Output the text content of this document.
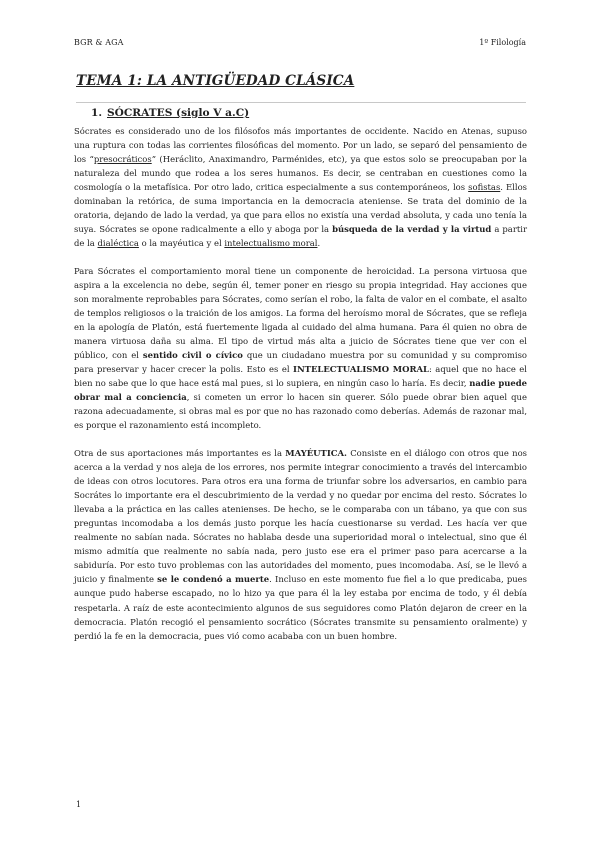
BGR & AGA	1º Filología
TEMA 1: LA ANTIGÜEDAD CLÁSICA
1. SÓCRATES (siglo V a.C)

Sócrates es considerado uno de los filósofos más importantes de occidente. Nacido en Atenas, supuso una ruptura con todas las corrientes filosóficas del momento. Por un lado, se separó del pensamiento de los “presocráticos” (Heráclito, Anaximandro, Parménides, etc), ya que estos solo se preocupaban por la naturaleza del mundo que rodea a los seres humanos. Es decir, se centraban en cuestiones como la cosmología o la metafísica. Por otro lado, critica especialmente a sus contemporáneos, los sofistas. Ellos dominaban la retórica, de suma importancia en la democracia ateniense. Se trata del dominio de la oratoria, dejando de lado la verdad, ya que para ellos no existía una verdad absoluta, y cada uno tenía la suya. Sócrates se opone radicalmente a ello y aboga por la búsqueda de la verdad y la virtud a partir de la dialéctica o la mayéutica y el intelectualismo moral.

Para Sócrates el comportamiento moral tiene un componente de heroicidad. La persona virtuosa que aspira a la excelencia no debe, según él, temer poner en riesgo su propia integridad. Hay acciones que son moralmente reprobables para Sócrates, como serían el robo, la falta de valor en el combate, el asalto de templos religiosos o la traición de los amigos. La forma del heroísmo moral de Sócrates, que se refleja en la apología de Platón, está fuertemente ligada al cuidado del alma humana. Para él quien no obra de manera virtuosa daña su alma. El tipo de virtud más alta a juicio de Sócrates tiene que ver con el público, con el sentido civil o cívico que un ciudadano muestra por su comunidad y su compromiso para preservar y hacer crecer la polis. Esto es el INTELECTUALISMO MORAL: aquel que no hace el bien no sabe que lo que hace está mal pues, si lo supiera, en ningún caso lo haría. Es decir, nadie puede obrar mal a conciencia, si cometen un error lo hacen sin querer. Sólo puede obrar bien aquel que razona adecuadamente, si obras mal es por que no has razonado como deberías. Además de razonar mal, es porque el razonamiento está incompleto.

Otra de sus aportaciones más importantes es la MAYÉUTICA. Consiste en el diálogo con otros que nos acerca a la verdad y nos aleja de los errores, nos permite integrar conocimiento a través del intercambio de ideas con otros locutores. Para otros era una forma de triunfar sobre los adversarios, en cambio para Socrátes lo importante era el descubrimiento de la verdad y no quedar por encima del resto. Sócrates lo llevaba a la práctica en las calles atenienses. De hecho, se le comparaba con un tábano, ya que con sus preguntas incomodaba a los demás justo porque les hacía cuestionarse su verdad. Les hacía ver que realmente no sabían nada. Sócrates no hablaba desde una superioridad moral o intelectual, sino que él mismo admitía que realmente no sabía nada, pero justo ese era el primer paso para acercarse a la sabiduría. Por esto tuvo problemas con las autoridades del momento, pues incomodaba. Así, se le llevó a juicio y finalmente se le condenó a muerte. Incluso en este momento fue fiel a lo que predicaba, pues aunque pudo haberse escapado, no lo hizo ya que para él la ley estaba por encima de todo, y él debía respetarla. A raíz de este acontecimiento algunos de sus seguidores como Platón dejaron de creer en la democracia. Platón recogió el pensamiento socrático (Sócrates transmite su pensamiento oralmente) y perdió la fe en la democracia, pues vió como acababa con un buen hombre.

1
